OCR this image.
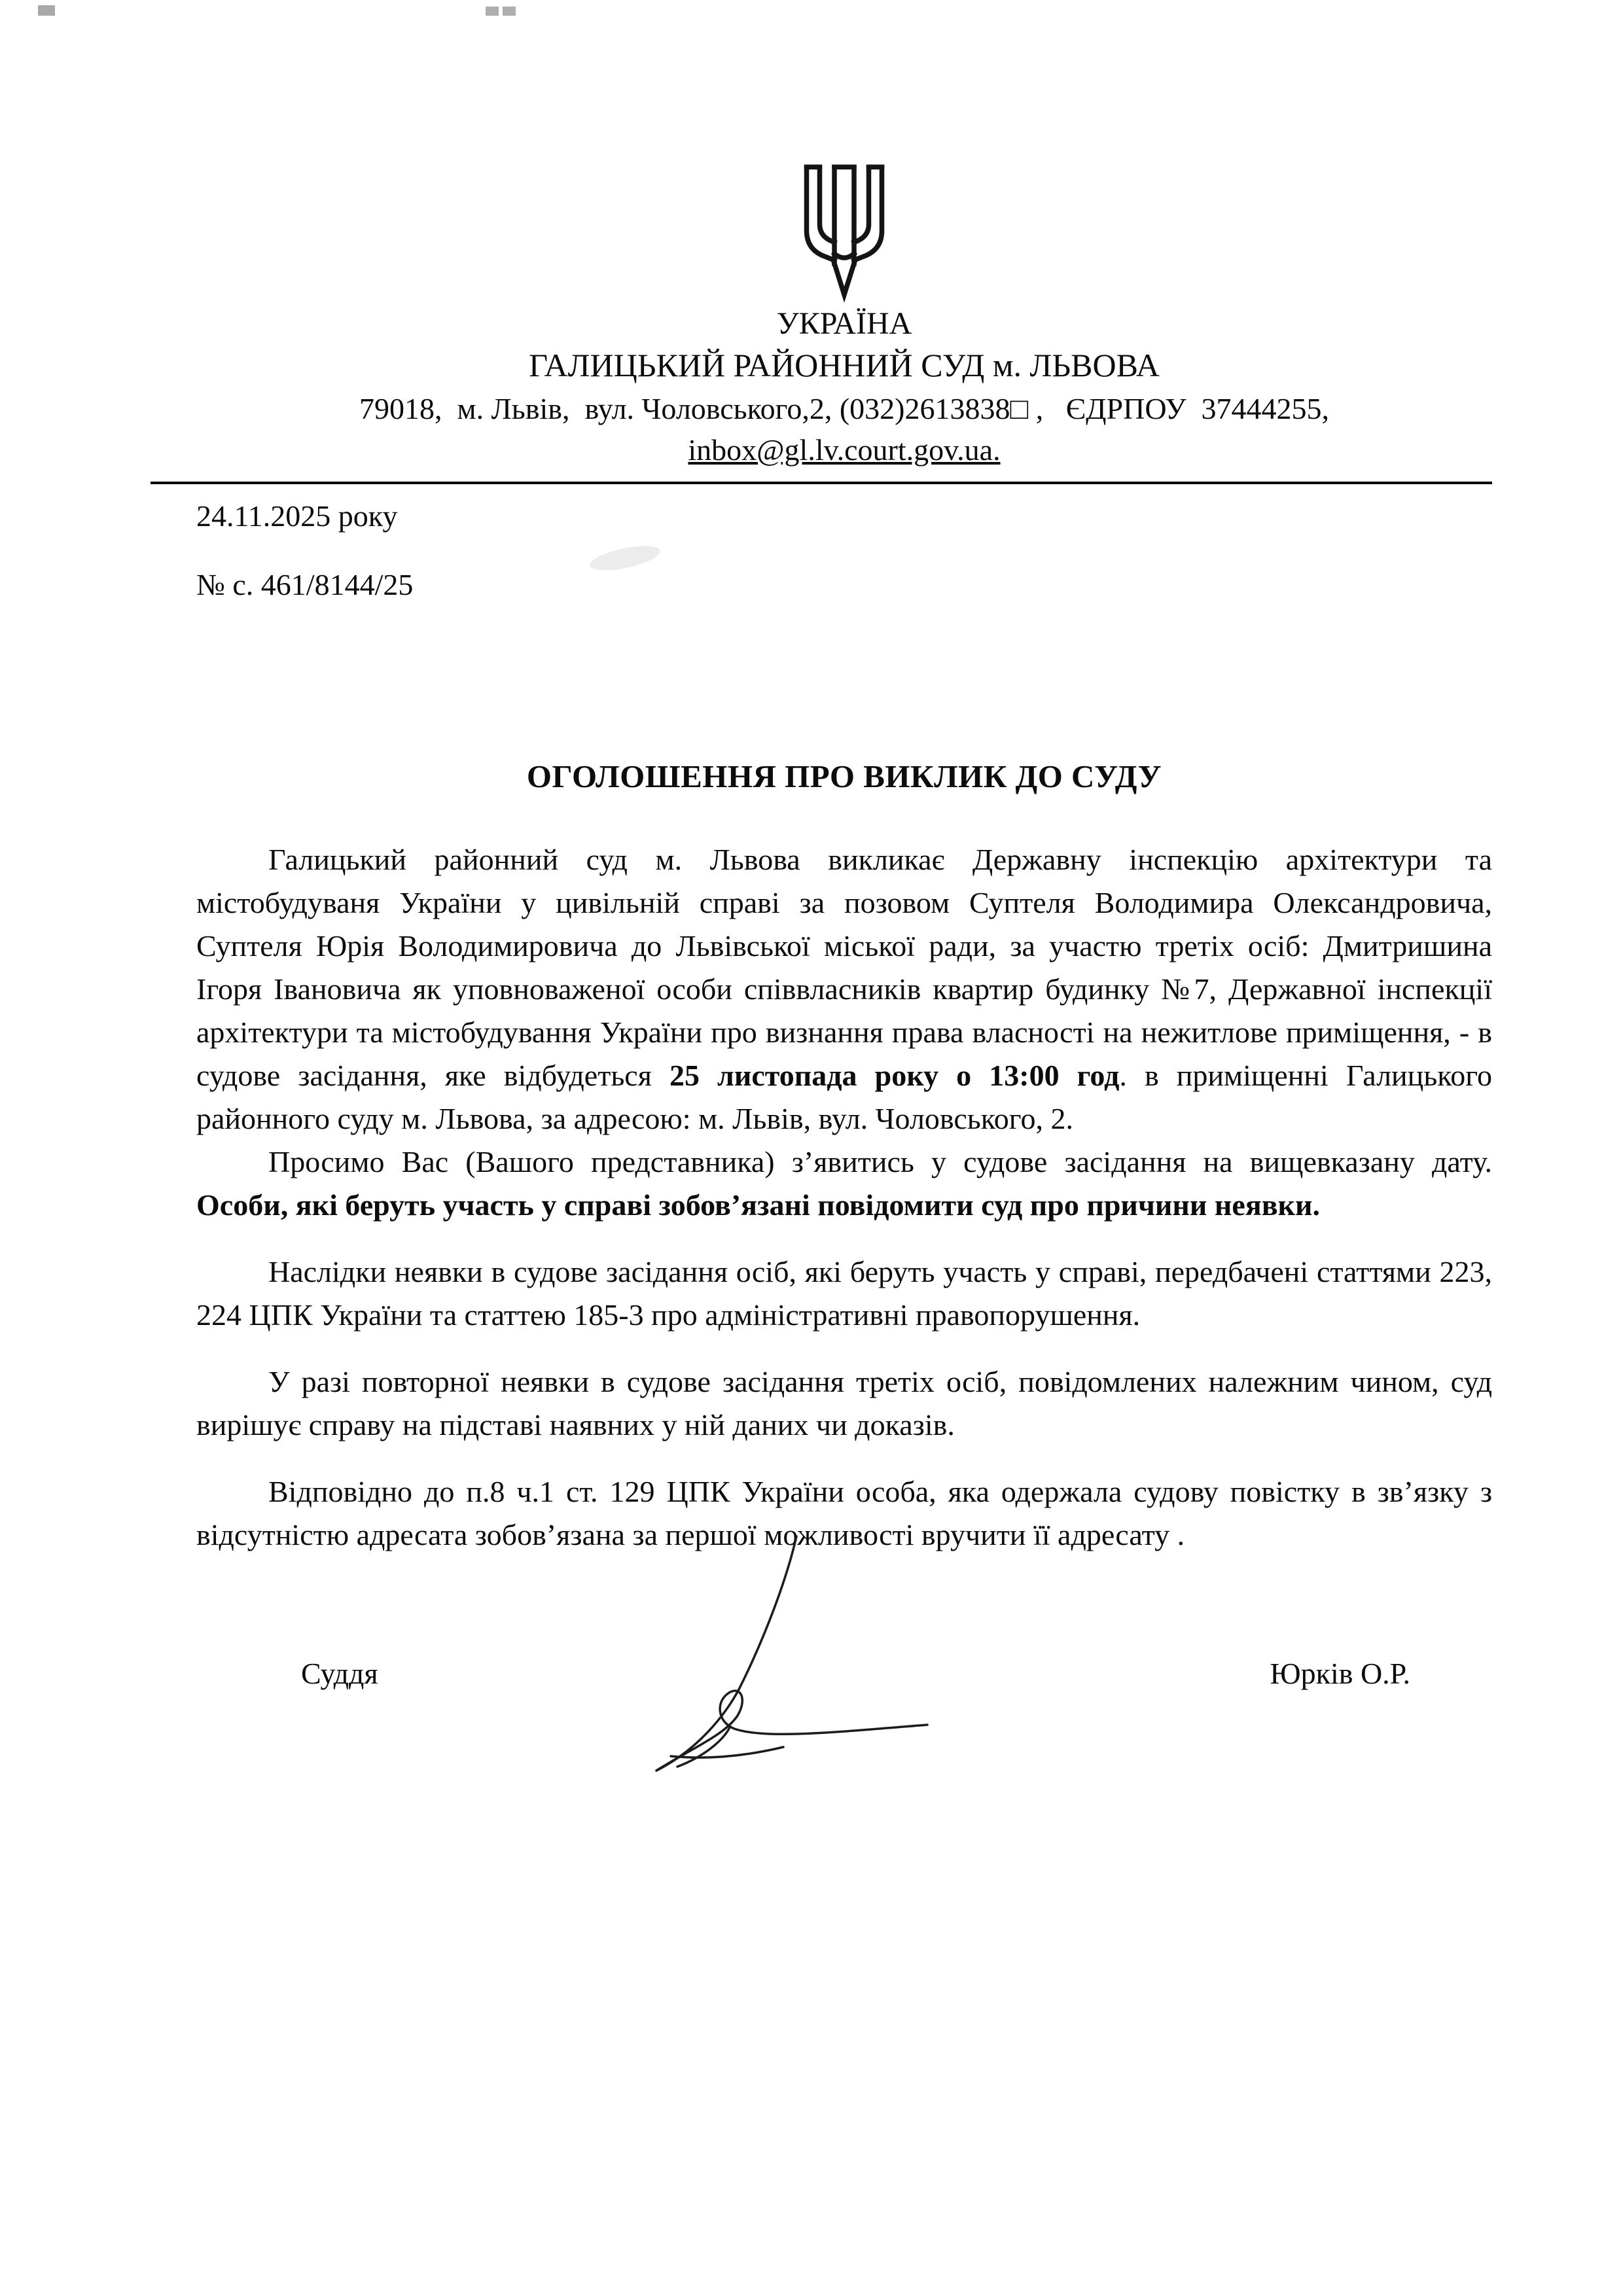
УКРАЇНА
ГАЛИЦЬКИЙ РАЙОННИЙ СУД м. ЛЬВОВА
79018,  м. Львів,  вул. Чоловського,2, (032)2613838□ ,   ЄДРПОУ  37444255,
inbox@gl.lv.court.gov.ua.
24.11.2025 року
№ с. 461/8144/25
ОГОЛОШЕННЯ ПРО ВИКЛИК ДО СУДУ

Галицький районний суд м. Львова викликає Державну інспекцію архітектури та містобудуваня України у цивільній справі за позовом Суптеля Володимира Олександровича, Суптеля Юрія Володимировича до Львівської міської ради, за участю третіх осіб: Дмитришина Ігоря Івановича як уповноваженої особи співвласників квартир будинку №7, Державної інспекції архітектури та містобудування України про визнання права власності на нежитлове приміщення, - в судове засідання, яке відбудеться 25 листопада року о 13:00 год. в приміщенні Галицького районного суду м. Львова, за адресою: м. Львів, вул. Чоловського, 2.

Просимо Вас (Вашого представника) з’явитись у судове засідання на вищевказану дату. Особи, які беруть участь у справі зобов’язані повідомити суд про причини неявки.

Наслідки неявки в судове засідання осіб, які беруть участь у справі, передбачені статтями 223, 224 ЦПК України та статтею 185-3 про адміністративні правопорушення.

У разі повторної неявки в судове засідання третіх осіб, повідомлених належним чином, суд вирішує справу на підставі наявних у ній даних чи доказів.

Відповідно до п.8 ч.1 ст. 129 ЦПК України особа, яка одержала судову повістку в зв’язку з відсутністю адресата зобов’язана за першої можливості вручити її адресату .

Суддя	Юрків О.Р.
